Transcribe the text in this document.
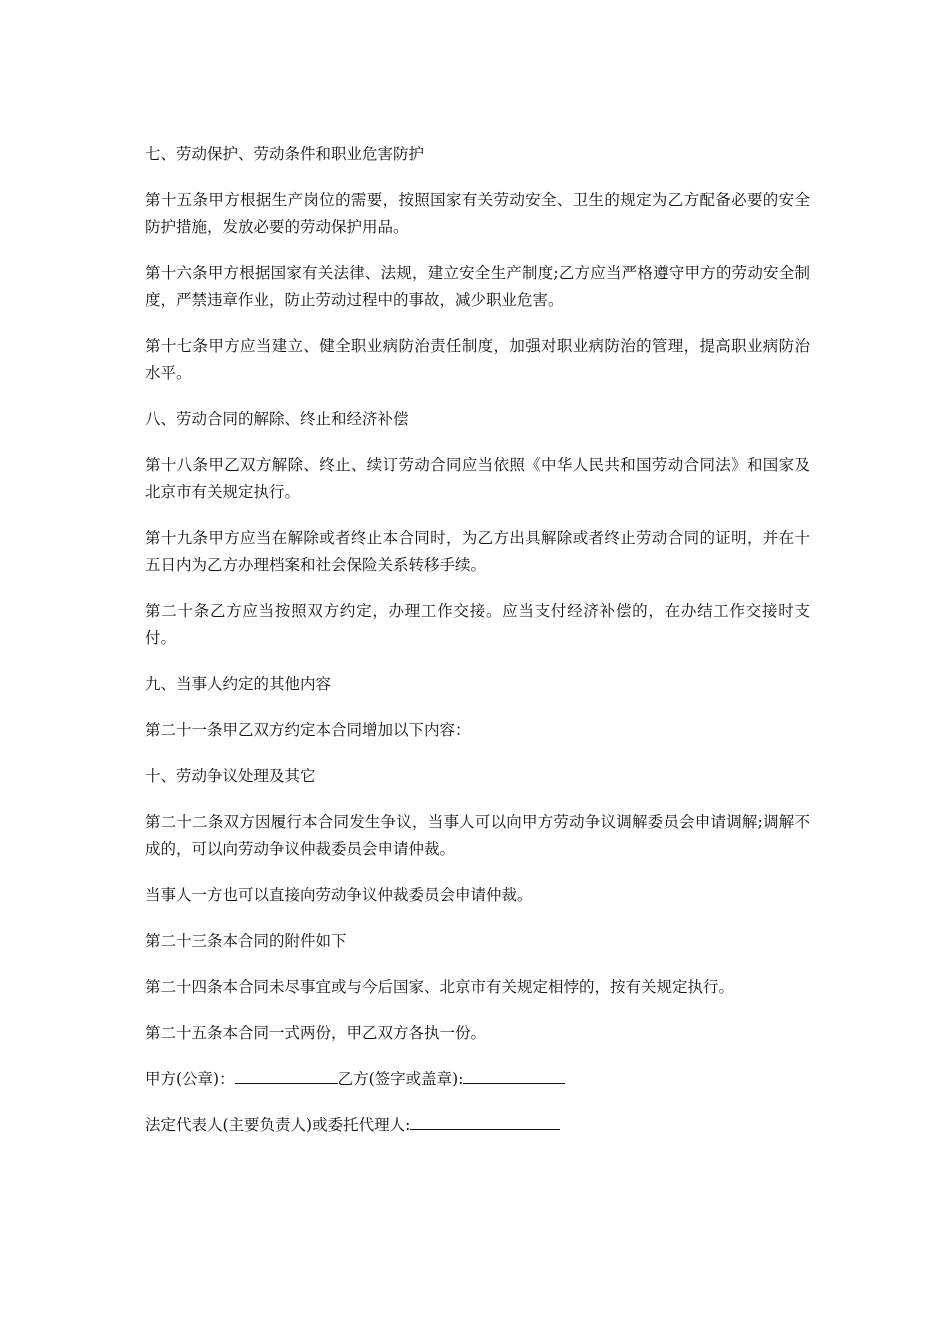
七、劳动保护、劳动条件和职业危害防护

第十五条甲方根据生产岗位的需要，按照国家有关劳动安全、卫生的规定为乙方配备必要的安全防护措施，发放必要的劳动保护用品。

第十六条甲方根据国家有关法律、法规，建立安全生产制度;乙方应当严格遵守甲方的劳动安全制度，严禁违章作业，防止劳动过程中的事故，减少职业危害。

第十七条甲方应当建立、健全职业病防治责任制度，加强对职业病防治的管理，提高职业病防治水平。

八、劳动合同的解除、终止和经济补偿

第十八条甲乙双方解除、终止、续订劳动合同应当依照《中华人民共和国劳动合同法》和国家及北京市有关规定执行。

第十九条甲方应当在解除或者终止本合同时，为乙方出具解除或者终止劳动合同的证明，并在十五日内为乙方办理档案和社会保险关系转移手续。

第二十条乙方应当按照双方约定，办理工作交接。应当支付经济补偿的，在办结工作交接时支付。

九、当事人约定的其他内容

第二十一条甲乙双方约定本合同增加以下内容：

十、劳动争议处理及其它

第二十二条双方因履行本合同发生争议，当事人可以向甲方劳动争议调解委员会申请调解;调解不成的，可以向劳动争议仲裁委员会申请仲裁。

当事人一方也可以直接向劳动争议仲裁委员会申请仲裁。

第二十三条本合同的附件如下

第二十四条本合同未尽事宜或与今后国家、北京市有关规定相悖的，按有关规定执行。

第二十五条本合同一式两份，甲乙双方各执一份。

甲方(公章)：	乙方(签字或盖章):

法定代表人(主要负责人)或委托代理人:
